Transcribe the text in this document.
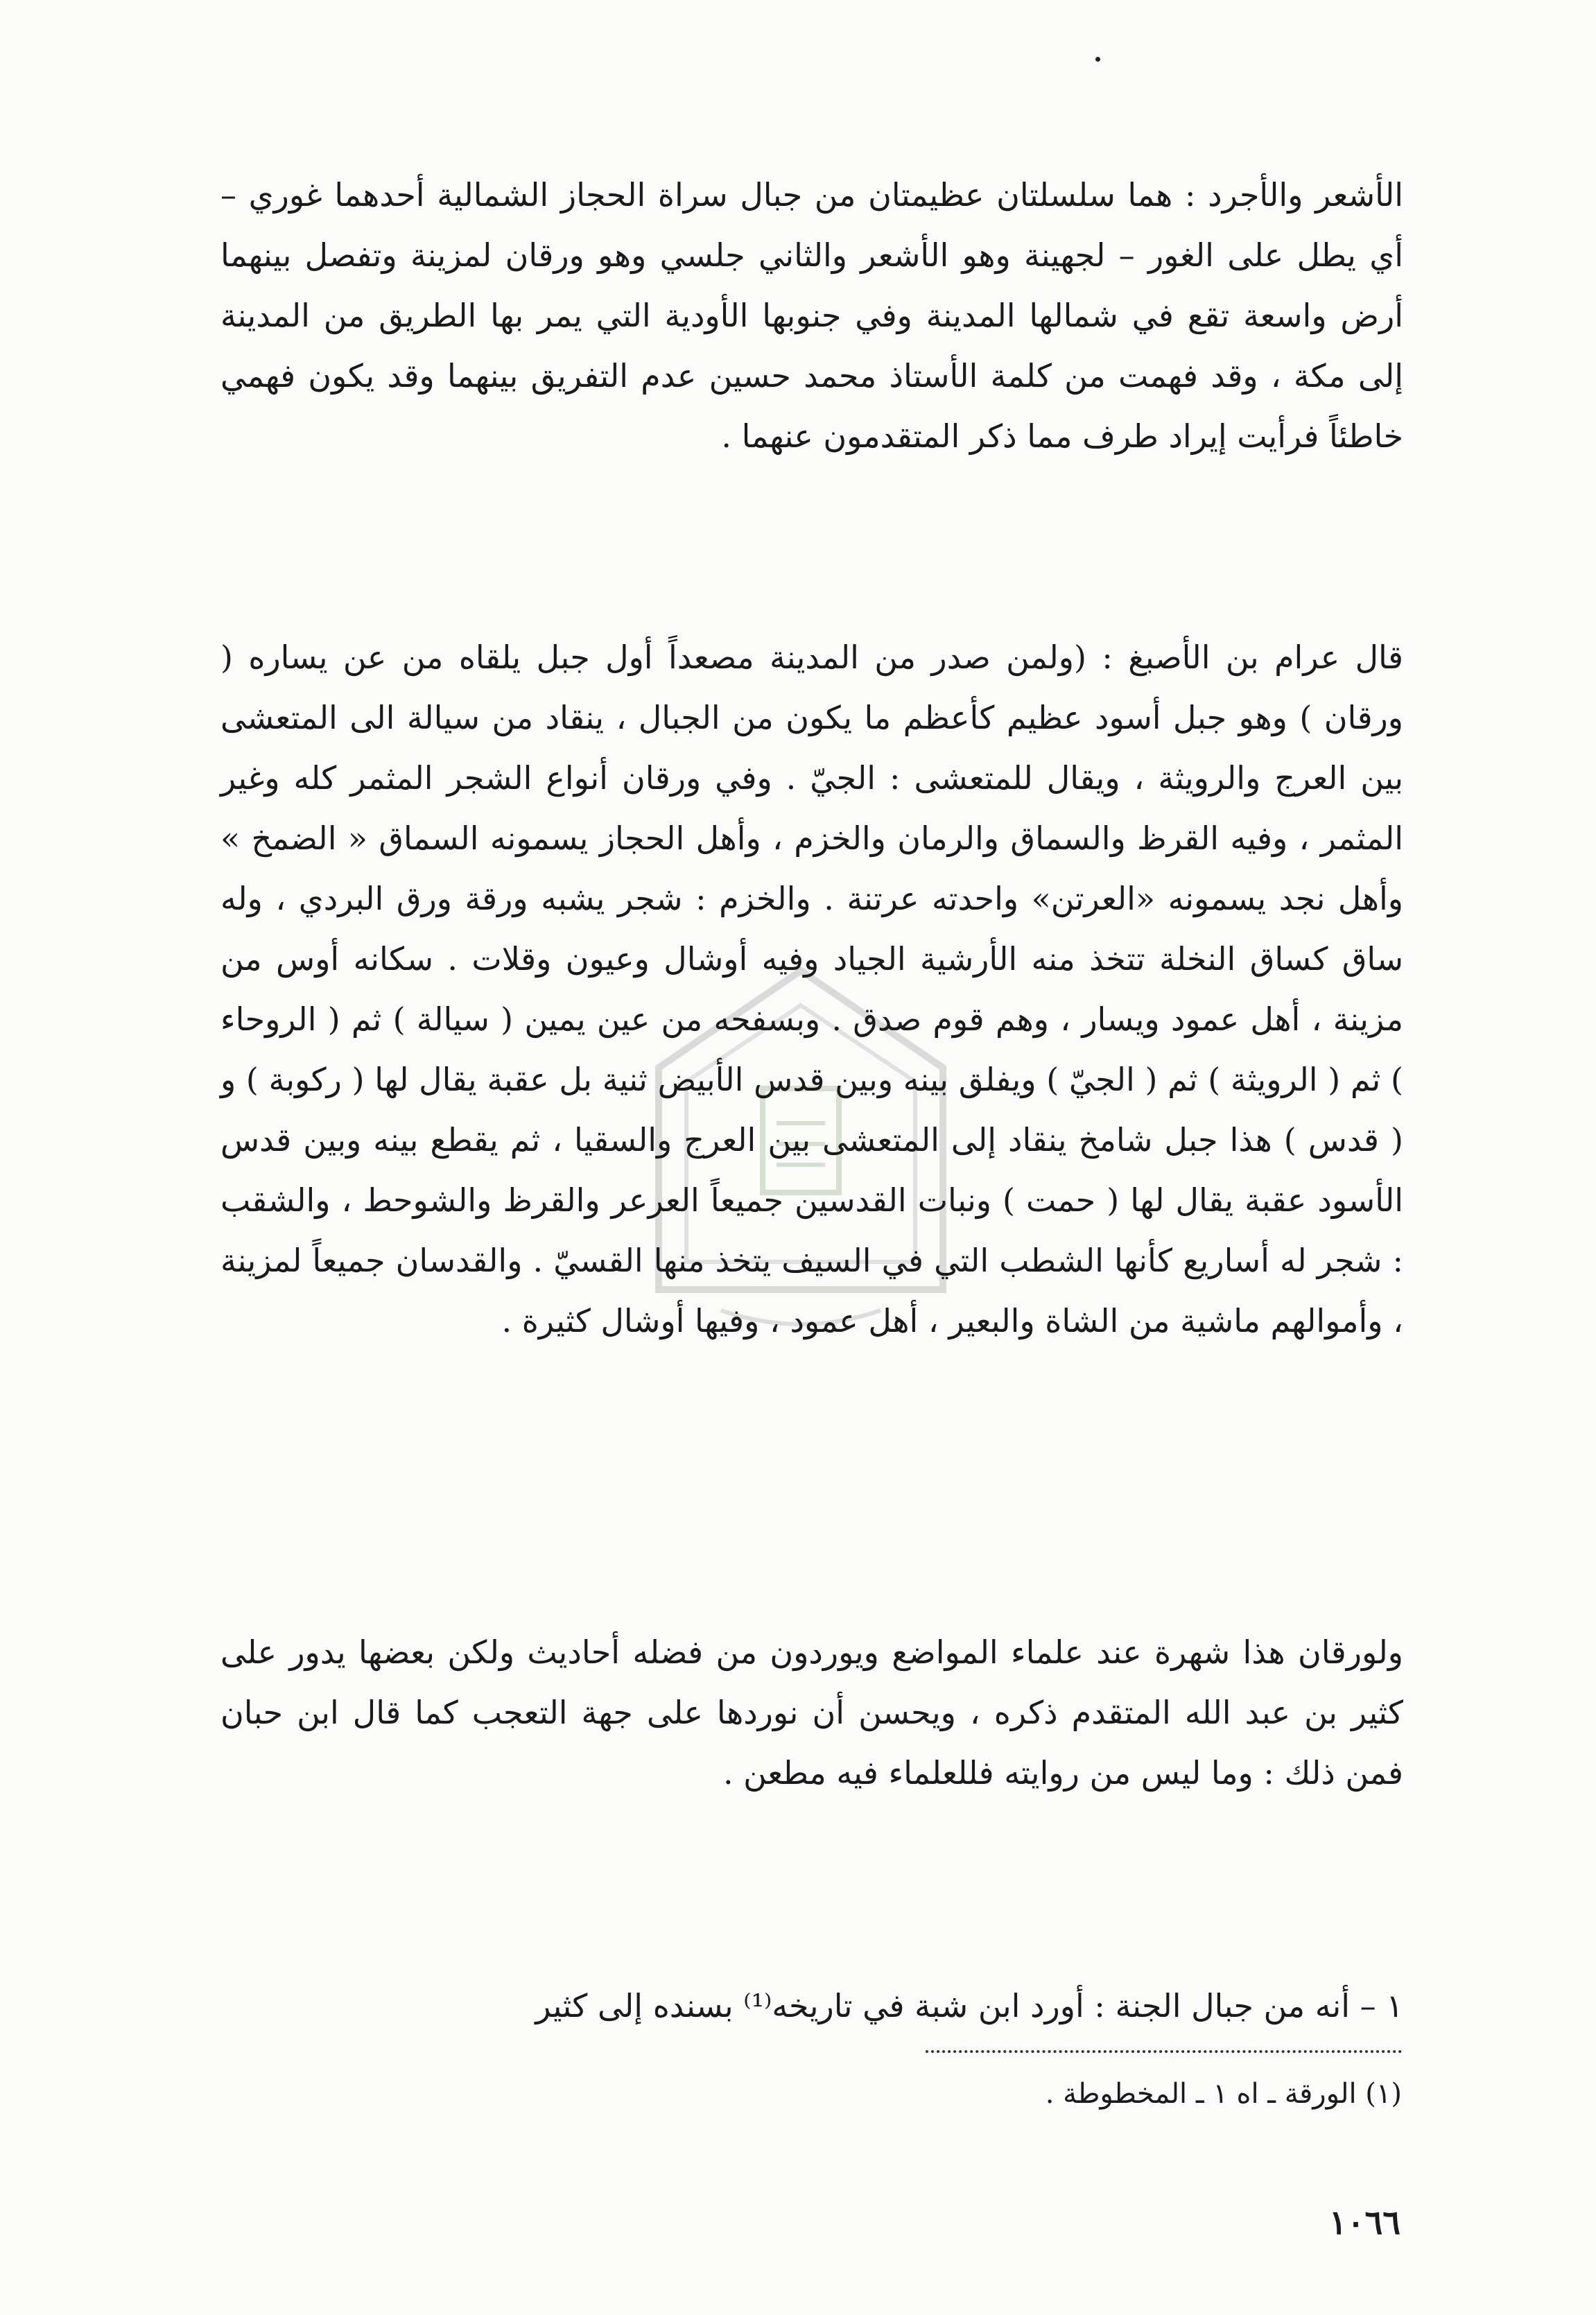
الأشعر والأجرد : هما سلسلتان عظيمتان من جبال سراة الحجاز الشمالية أحدهما غوري – أي يطل على الغور – لجهينة وهو الأشعر والثاني جلسي وهو ورقان لمزينة وتفصل بينهما أرض واسعة تقع في شمالها المدينة وفي جنوبها الأودية التي يمر بها الطريق من المدينة إلى مكة ، وقد فهمت من كلمة الأستاذ محمد حسين عدم التفريق بينهما وقد يكون فهمي خاطئاً فرأيت إيراد طرف مما ذكر المتقدمون عنهما .

قال عرام بن الأصبغ : (ولمن صدر من المدينة مصعداً أول جبل يلقاه من عن يساره ( ورقان ) وهو جبل أسود عظيم كأعظم ما يكون من الجبال ، ينقاد من سيالة الى المتعشى بين العرج والرويثة ، ويقال للمتعشى : الجيّ . وفي ورقان أنواع الشجر المثمر كله وغير المثمر ، وفيه القرظ والسماق والرمان والخزم ، وأهل الحجاز يسمونه السماق « الضمخ » وأهل نجد يسمونه «العرتن» واحدته عرتنة . والخزم : شجر يشبه ورقة ورق البردي ، وله ساق كساق النخلة تتخذ منه الأرشية الجياد وفيه أوشال وعيون وقلات . سكانه أوس من مزينة ، أهل عمود ويسار ، وهم قوم صدق . وبسفحه من عين يمين ( سيالة ) ثم ( الروحاء ) ثم ( الرويثة ) ثم ( الجيّ ) ويفلق بينه وبين قدس الأبيض ثنية بل عقبة يقال لها ( ركوبة ) و ( قدس ) هذا جبل شامخ ينقاد إلى المتعشى بين العرج والسقيا ، ثم يقطع بينه وبين قدس الأسود عقبة يقال لها ( حمت ) ونبات القدسين جميعاً العرعر والقرظ والشوحط ، والشقب : شجر له أساريع كأنها الشطب التي في السيف يتخذ منها القسيّ . والقدسان جميعاً لمزينة ، وأموالهم ماشية من الشاة والبعير ، أهل عمود ، وفيها أوشال كثيرة .

ولورقان هذا شهرة عند علماء المواضع ويوردون من فضله أحاديث ولكن بعضها يدور على كثير بن عبد الله المتقدم ذكره ، ويحسن أن نوردها على جهة التعجب كما قال ابن حبان فمن ذلك : وما ليس من روايته فللعلماء فيه مطعن .

١ – أنه من جبال الجنة : أورد ابن شبة في تاريخه⁽¹⁾ بسنده إلى كثير

(١) الورقة ـ اه ١ ـ المخطوطة .
١٠٦٦
